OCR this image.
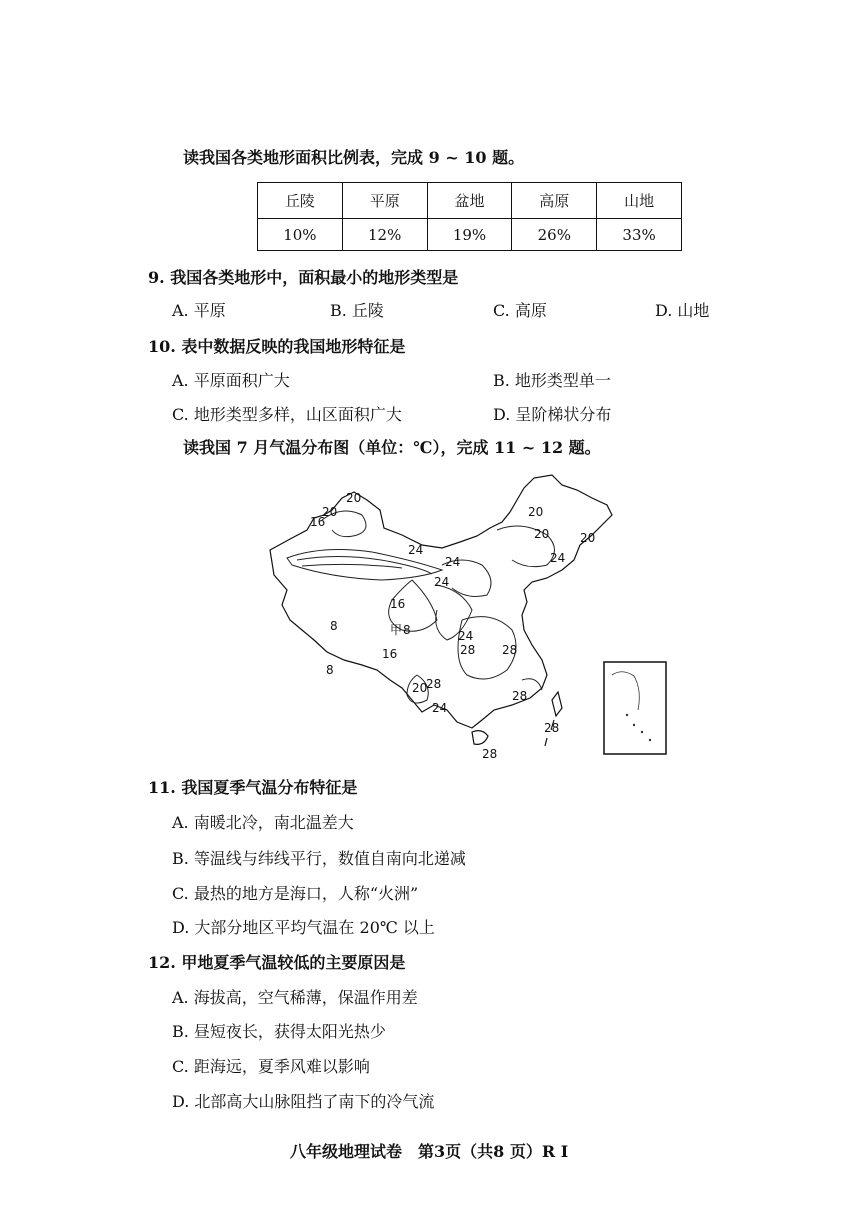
读我国各类地形面积比例表，完成 9 ~ 10 题。
丘陵	平原	盆地	高原	山地
10%	12%	19%	26%	33%
9. 我国各类地形中，面积最小的地形类型是
A. 平原	B. 丘陵	C. 高原	D. 山地
10. 表中数据反映的我国地形特征是
A. 平原面积广大	B. 地形类型单一
C. 地形类型多样，山区面积广大	D. 呈阶梯状分布
读我国 7 月气温分布图（单位：℃），完成 11 ~ 12 题。
20
20
16
24
24
24
20
20
24
20
16
8
24
16	28 28
8
20
28
24
28
28
28
甲 8
11. 我国夏季气温分布特征是
A. 南暖北冷，南北温差大
B. 等温线与纬线平行，数值自南向北递减
C. 最热的地方是海口，人称“火洲”
D. 大部分地区平均气温在 20℃ 以上
12. 甲地夏季气温较低的主要原因是
A. 海拔高，空气稀薄，保温作用差
B. 昼短夜长，获得太阳光热少
C. 距海远，夏季风难以影响
D. 北部高大山脉阻挡了南下的冷气流
八年级地理试卷　第3页（共8 页）R I
